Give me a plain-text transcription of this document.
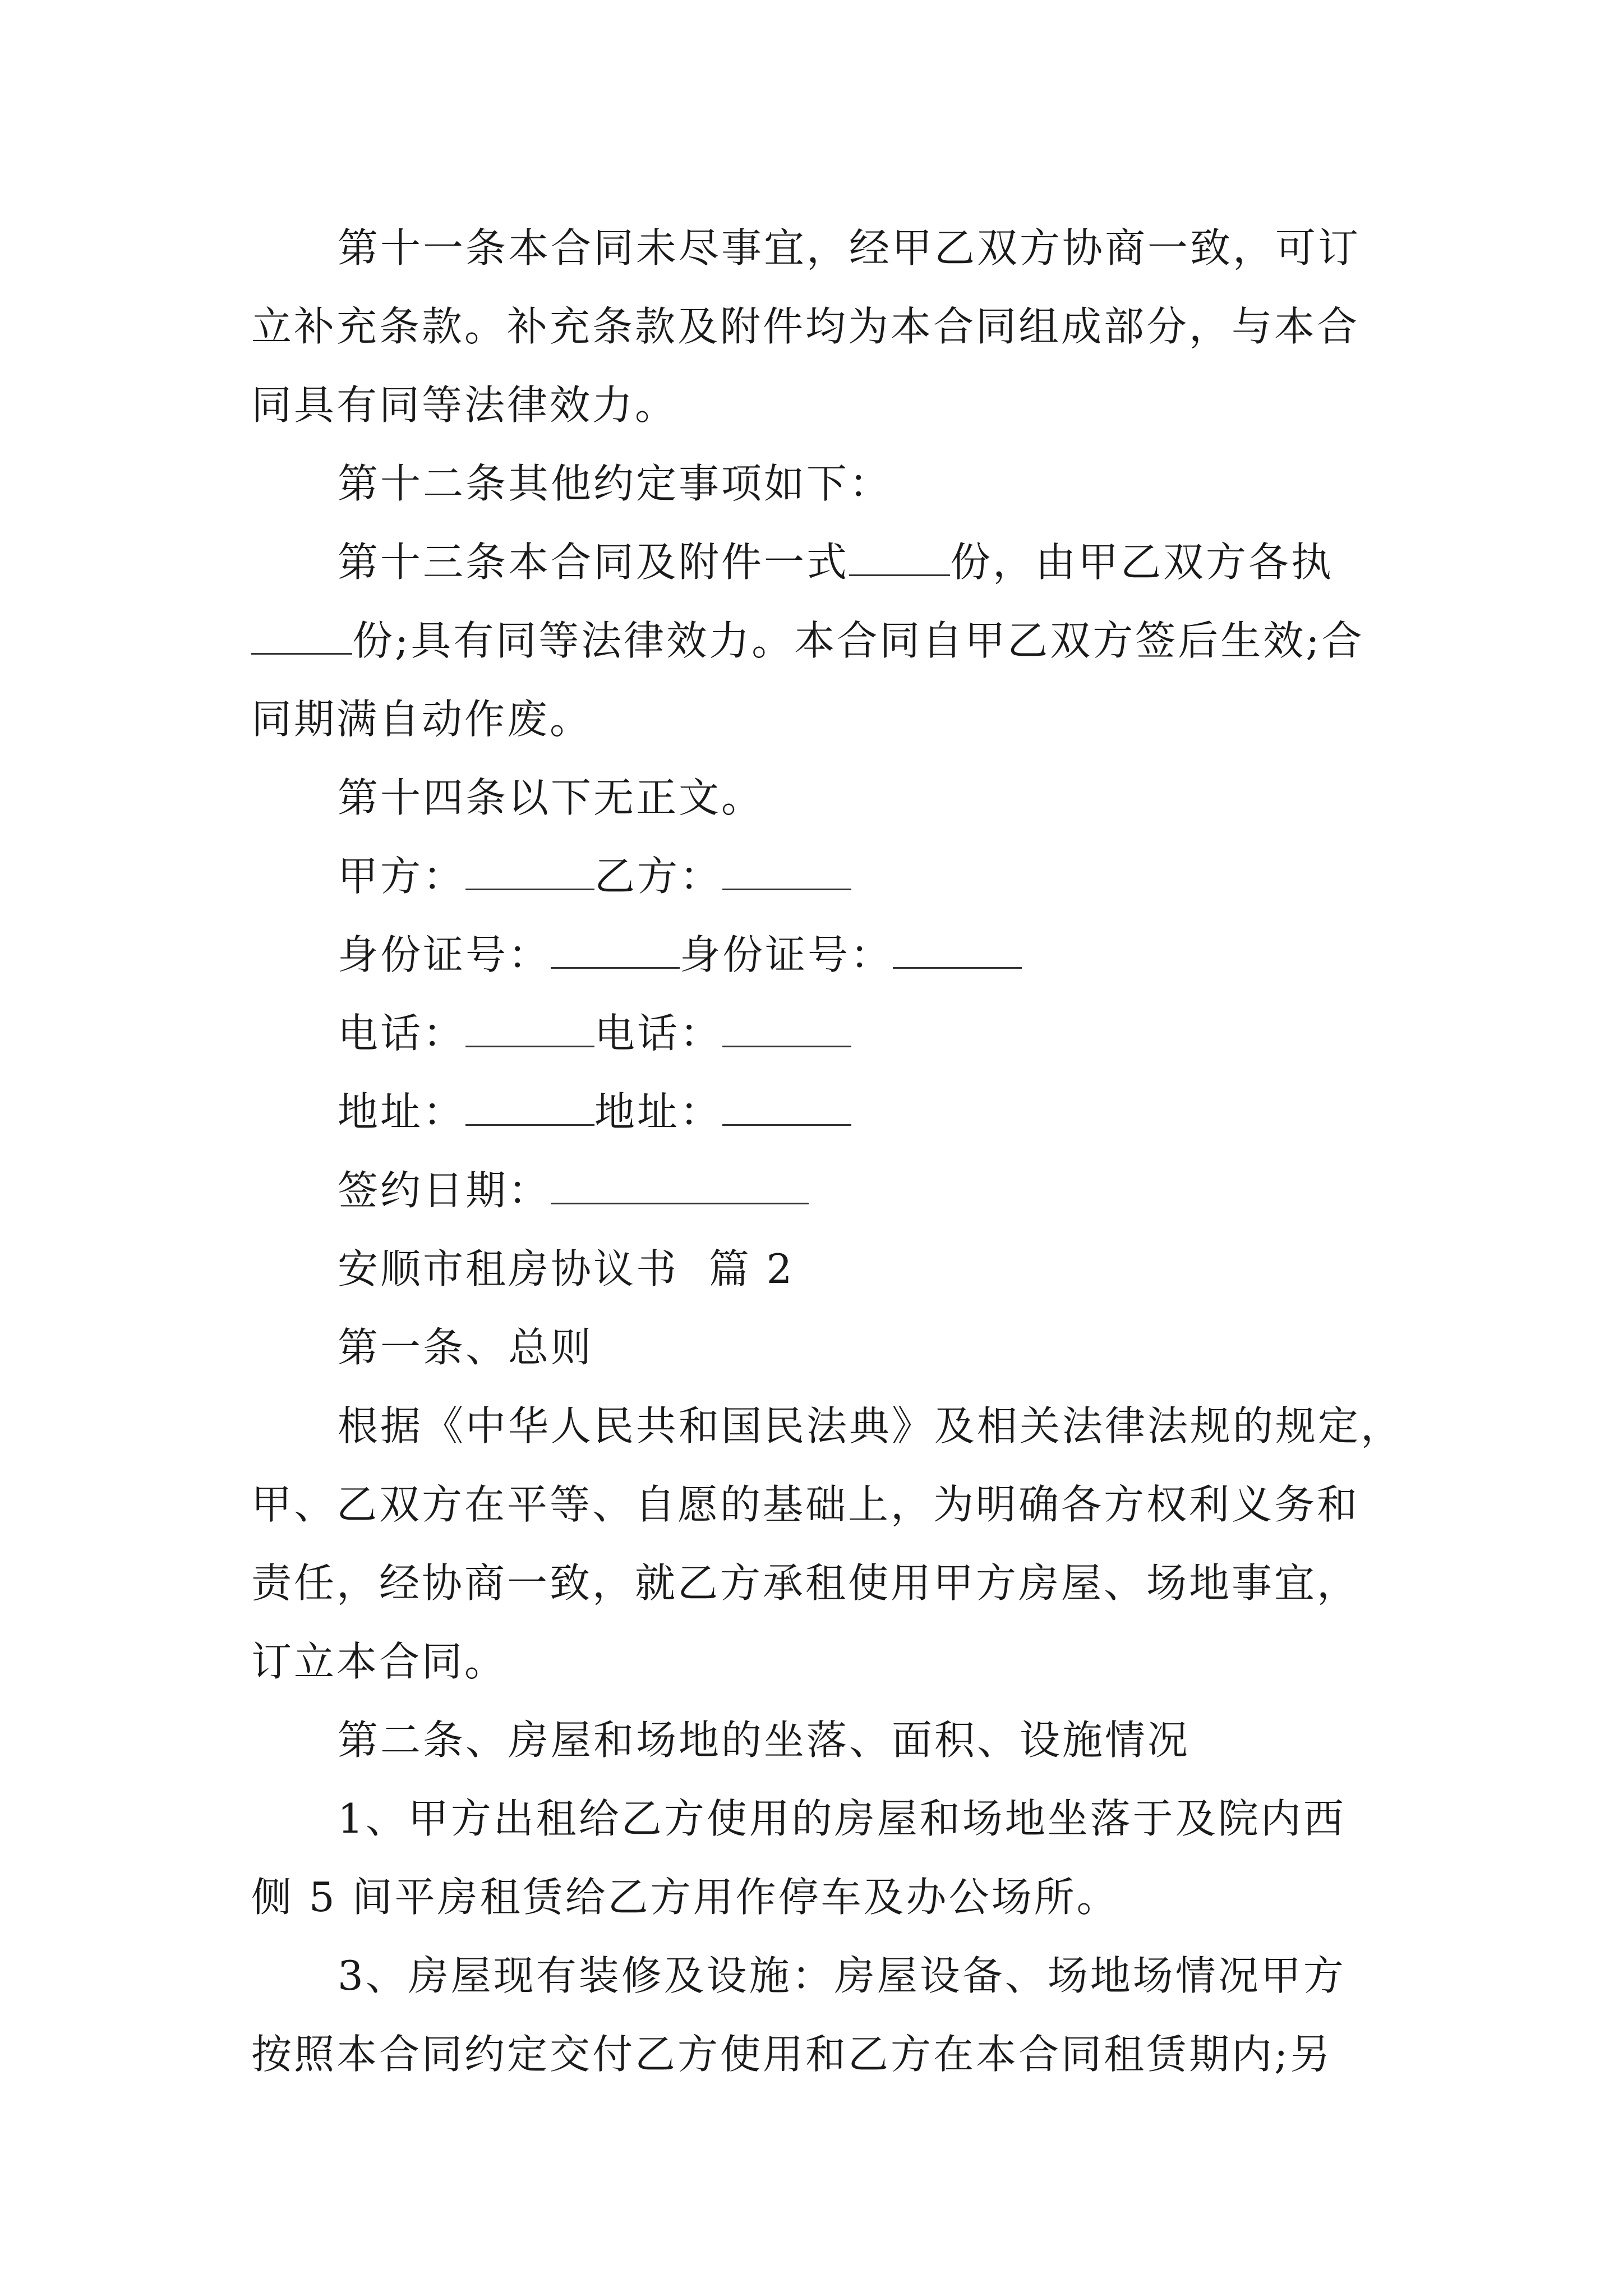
第十一条本合同未尽事宜，经甲乙双方协商一致，可订

立补充条款。补充条款及附件均为本合同组成部分，与本合

同具有同等法律效力。

第十二条其他约定事项如下：

第十三条本合同及附件一式	份，由甲乙双方各执

份;具有同等法律效力。本合同自甲乙双方签后生效;合

同期满自动作废。

第十四条以下无正文。

甲方：	乙方：

身份证号：	身份证号：

电话：	电话：

地址：	地址：

签约日期：

安顺市租房协议书  篇 2

第一条、总则

根据《中华人民共和国民法典》及相关法律法规的规定，

甲、乙双方在平等、自愿的基础上，为明确各方权利义务和

责任，经协商一致，就乙方承租使用甲方房屋、场地事宜，

订立本合同。

第二条、房屋和场地的坐落、面积、设施情况

1、甲方出租给乙方使用的房屋和场地坐落于及院内西

侧 5 间平房租赁给乙方用作停车及办公场所。

3、房屋现有装修及设施：房屋设备、场地场情况甲方

按照本合同约定交付乙方使用和乙方在本合同租赁期内;另
